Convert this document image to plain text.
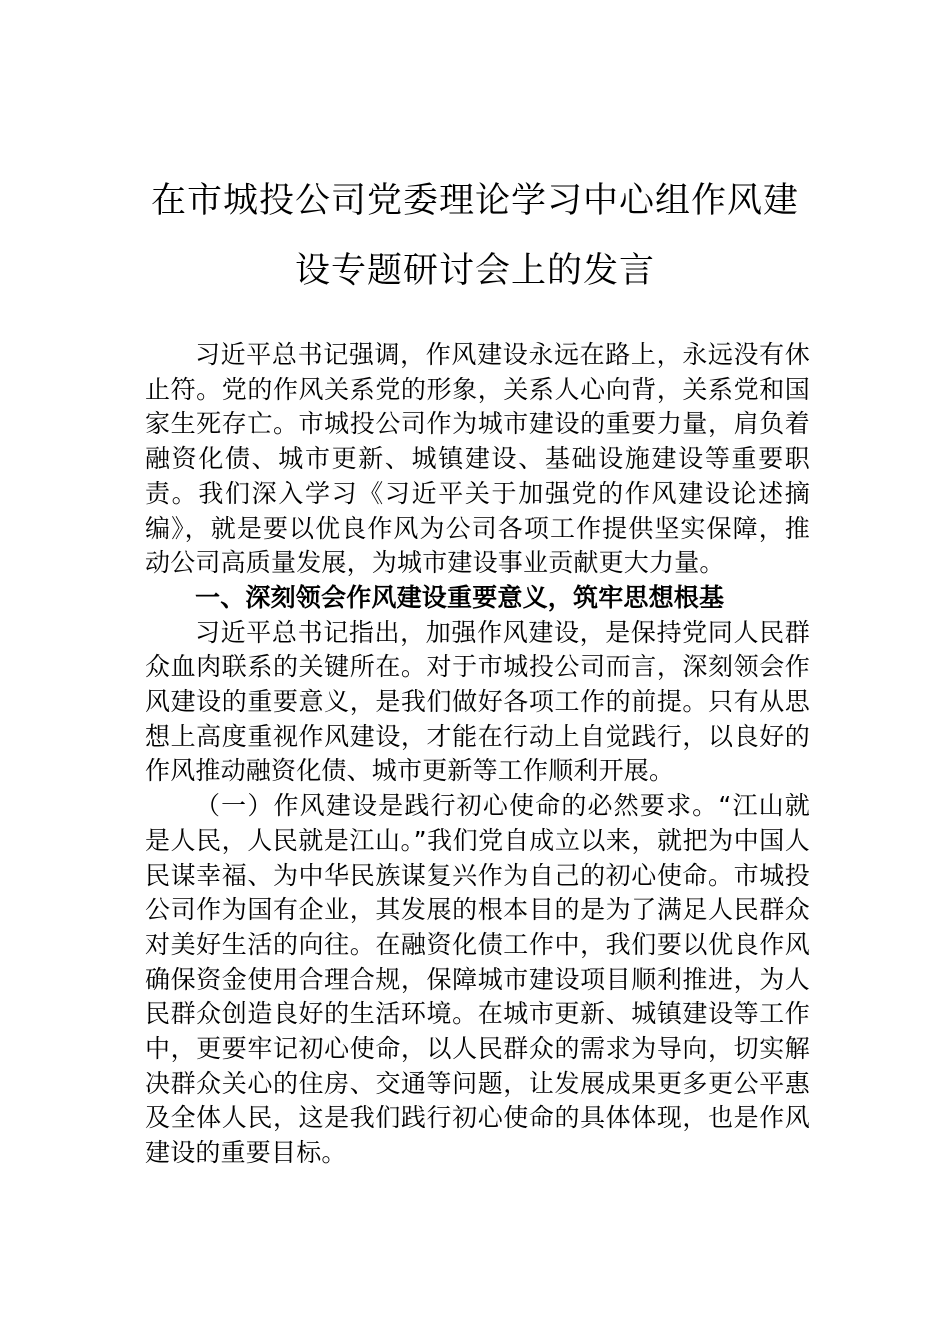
在市城投公司党委理论学习中心组作风建
设专题研讨会上的发言

习近平总书记强调，作风建设永远在路上，永远没有休止符。党的作风关系党的形象，关系人心向背，关系党和国家生死存亡。市城投公司作为城市建设的重要力量，肩负着融资化债、城市更新、城镇建设、基础设施建设等重要职责。我们深入学习《习近平关于加强党的作风建设论述摘编》，就是要以优良作风为公司各项工作提供坚实保障，推动公司高质量发展，为城市建设事业贡献更大力量。

一、深刻领会作风建设重要意义，筑牢思想根基

习近平总书记指出，加强作风建设，是保持党同人民群众血肉联系的关键所在。对于市城投公司而言，深刻领会作风建设的重要意义，是我们做好各项工作的前提。只有从思想上高度重视作风建设，才能在行动上自觉践行，以良好的作风推动融资化债、城市更新等工作顺利开展。

（一）作风建设是践行初心使命的必然要求。“江山就是人民，人民就是江山。”我们党自成立以来，就把为中国人民谋幸福、为中华民族谋复兴作为自己的初心使命。市城投公司作为国有企业，其发展的根本目的是为了满足人民群众对美好生活的向往。在融资化债工作中，我们要以优良作风确保资金使用合理合规，保障城市建设项目顺利推进，为人民群众创造良好的生活环境。在城市更新、城镇建设等工作中，更要牢记初心使命，以人民群众的需求为导向，切实解决群众关心的住房、交通等问题，让发展成果更多更公平惠及全体人民，这是我们践行初心使命的具体体现，也是作风建设的重要目标。
